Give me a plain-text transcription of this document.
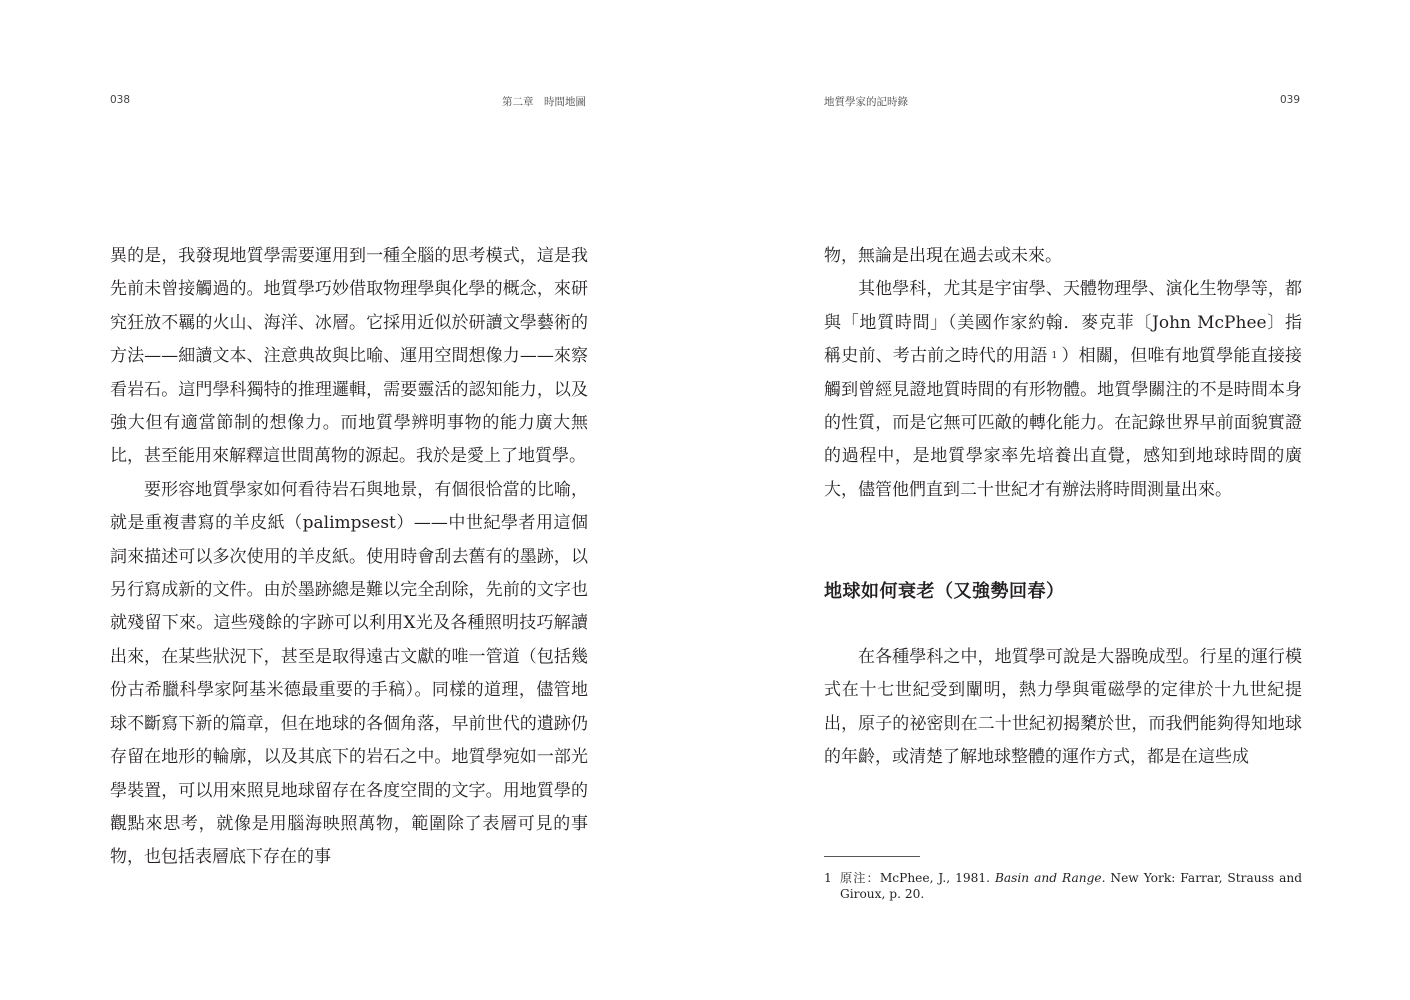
038	第二章　時間地圖

異的是，我發現地質學需要運用到一種全腦的思考模式，這是我先前未曾接觸過的。地質學巧妙借取物理學與化學的概念，來研究狂放不羈的火山、海洋、冰層。它採用近似於研讀文學藝術的方法——細讀文本、注意典故與比喻、運用空間想像力——來察看岩石。這門學科獨特的推理邏輯，需要靈活的認知能力，以及強大但有適當節制的想像力。而地質學辨明事物的能力廣大無比，甚至能用來解釋這世間萬物的源起。我於是愛上了地質學。

要形容地質學家如何看待岩石與地景，有個很恰當的比喻，就是重複書寫的羊皮紙（palimpsest）——中世紀學者用這個詞來描述可以多次使用的羊皮紙。使用時會刮去舊有的墨跡，以另行寫成新的文件。由於墨跡總是難以完全刮除，先前的文字也就殘留下來。這些殘餘的字跡可以利用X光及各種照明技巧解讀出來，在某些狀況下，甚至是取得遠古文獻的唯一管道（包括幾份古希臘科學家阿基米德最重要的手稿）。同樣的道理，儘管地球不斷寫下新的篇章，但在地球的各個角落，早前世代的遺跡仍存留在地形的輪廓，以及其底下的岩石之中。地質學宛如一部光學裝置，可以用來照見地球留存在各度空間的文字。用地質學的觀點來思考，就像是用腦海映照萬物，範圍除了表層可見的事物，也包括表層底下存在的事

地質學家的記時錄	039

物，無論是出現在過去或未來。

其他學科，尤其是宇宙學、天體物理學、演化生物學等，都與「地質時間」（美國作家約翰．麥克菲〔John McPhee〕指稱史前、考古前之時代的用語 1 ）相關，但唯有地質學能直接接觸到曾經見證地質時間的有形物體。地質學關注的不是時間本身的性質，而是它無可匹敵的轉化能力。在記錄世界早前面貌實證的過程中，是地質學家率先培養出直覺，感知到地球時間的廣大，儘管他們直到二十世紀才有辦法將時間測量出來。

地球如何衰老（又強勢回春）

在各種學科之中，地質學可說是大器晚成型。行星的運行模式在十七世紀受到闡明，熱力學與電磁學的定律於十九世紀提出，原子的祕密則在二十世紀初揭櫫於世，而我們能夠得知地球的年齡，或清楚了解地球整體的運作方式，都是在這些成

1 原注：McPhee, J., 1981. Basin and Range. New York: Farrar, Strauss and Giroux, p. 20.
